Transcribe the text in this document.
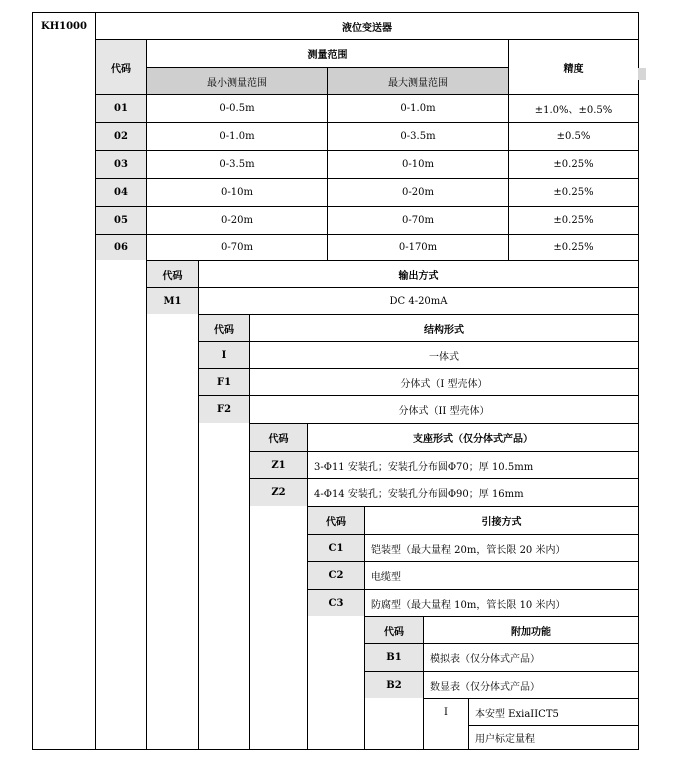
KH1000	液位变送器
代码
测量范围
最小测量范围	最大测量范围
精度
01	0-0.5m	0-1.0m	±1.0%、±0.5%
02	0-1.0m	0-3.5m	±0.5%
03	0-3.5m	0-10m	±0.25%
04	0-10m	0-20m	±0.25%
05	0-20m	0-70m	±0.25%
06	0-70m	0-170m	±0.25%
代码	输出方式
M1	DC 4-20mA
代码	结构形式
I	一体式
F1	分体式（I 型壳体）
F2	分体式（II 型壳体）
代码	支座形式（仅分体式产品）
Z1	3-Φ11 安装孔；安装孔分布圆Φ70；厚 10.5mm
Z2	4-Φ14 安装孔；安装孔分布圆Φ90；厚 16mm
代码	引接方式
C1	铠装型（最大量程 20m，管长限 20 米内）
C2	电缆型
C3	防腐型（最大量程 10m，管长限 10 米内）
代码	附加功能
B1	模拟表（仅分体式产品）
B2	数显表（仅分体式产品）
I	本安型 ExiaIICT5
用户标定量程
